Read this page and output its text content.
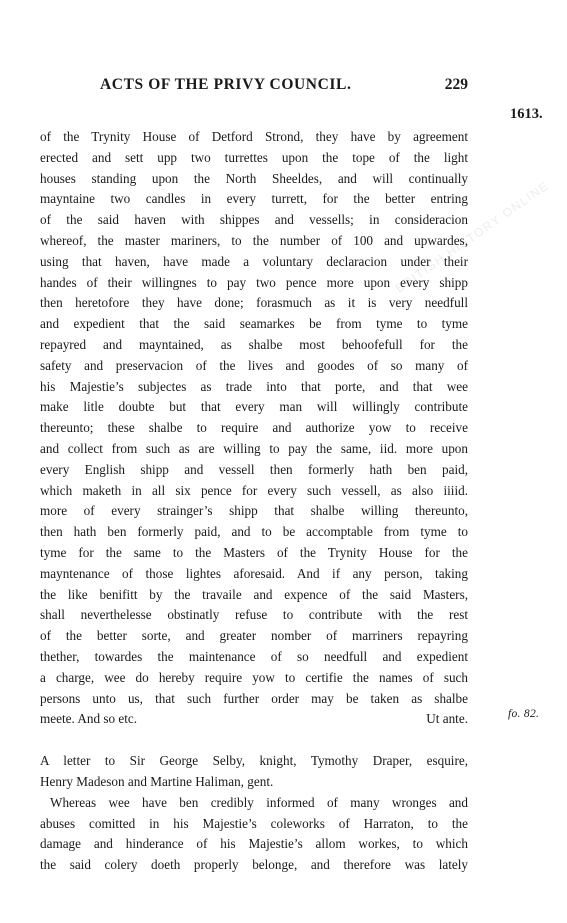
ACTS OF THE PRIVY COUNCIL.	229
1613.
fo. 82.
BRITISH HISTORY ONLINE
of the Trynity House of Detford Strond, they have by agreement
erected and sett upp two turrettes upon the tope of the light
houses standing upon the North Sheeldes, and will continually
mayntaine two candles in every turrett, for the better entring
of the said haven with shippes and vessells; in consideracion
whereof, the master mariners, to the number of 100 and upwardes,
using that haven, have made a voluntary declaracion under their
handes of their willingnes to pay two pence more upon every shipp
then heretofore they have done; forasmuch as it is very needfull
and expedient that the said seamarkes be from tyme to tyme
repayred and mayntained, as shalbe most behoofefull for the
safety and preservacion of the lives and goodes of so many of
his Majestie’s subjectes as trade into that porte, and that wee
make litle doubte but that every man will willingly contribute
thereunto; these shalbe to require and authorize yow to receive
and collect from such as are willing to pay the same, iid. more upon
every English shipp and vessell then formerly hath ben paid,
which maketh in all six pence for every such vessell, as also iiiid.
more of every strainger’s shipp that shalbe willing thereunto,
then hath ben formerly paid, and to be accomptable from tyme to
tyme for the same to the Masters of the Trynity House for the
mayntenance of those lightes aforesaid. And if any person, taking
the like benifitt by the travaile and expence of the said Masters,
shall neverthelesse obstinatly refuse to contribute with the rest
of the better sorte, and greater nomber of marriners repayring
thether, towardes the maintenance of so needfull and expedient
a charge, wee do hereby require yow to certifie the names of such
persons unto us, that such further order may be taken as shalbe
meete. And so etc.	Ut ante.
A letter to Sir George Selby, knight, Tymothy Draper, esquire,
Henry Madeson and Martine Haliman, gent.
Whereas wee have ben credibly informed of many wronges and
abuses comitted in his Majestie’s coleworks of Harraton, to the
damage and hinderance of his Majestie’s allom workes, to which
the said colery doeth properly belonge, and therefore was lately
